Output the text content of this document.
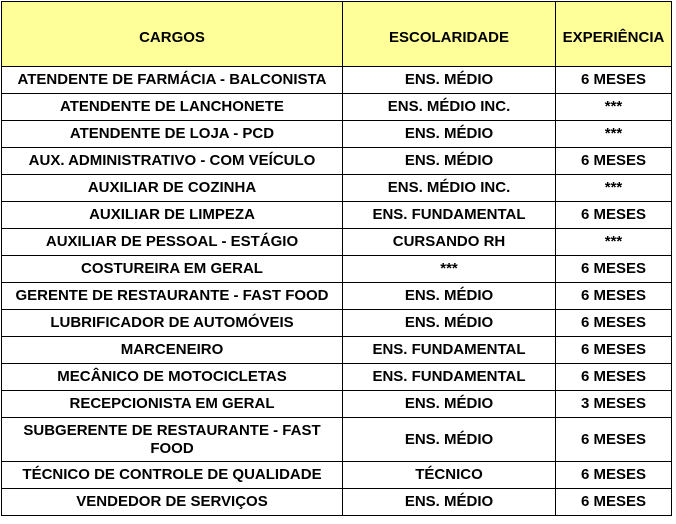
CARGOS	ESCOLARIDADE	EXPERIÊNCIA
ATENDENTE DE FARMÁCIA - BALCONISTA	ENS. MÉDIO	6 MESES
ATENDENTE DE LANCHONETE	ENS. MÉDIO INC.	***
ATENDENTE DE LOJA - PCD	ENS. MÉDIO	***
AUX. ADMINISTRATIVO - COM VEÍCULO	ENS. MÉDIO	6 MESES
AUXILIAR DE COZINHA	ENS. MÉDIO INC.	***
AUXILIAR DE LIMPEZA	ENS. FUNDAMENTAL	6 MESES
AUXILIAR DE PESSOAL - ESTÁGIO	CURSANDO RH	***
COSTUREIRA EM GERAL	***	6 MESES
GERENTE DE RESTAURANTE - FAST FOOD	ENS. MÉDIO	6 MESES
LUBRIFICADOR DE AUTOMÓVEIS	ENS. MÉDIO	6 MESES
MARCENEIRO	ENS. FUNDAMENTAL	6 MESES
MECÂNICO DE MOTOCICLETAS	ENS. FUNDAMENTAL	6 MESES
RECEPCIONISTA EM GERAL	ENS. MÉDIO	3 MESES
SUBGERENTE DE RESTAURANTE - FAST FOOD	ENS. MÉDIO	6 MESES
TÉCNICO DE CONTROLE DE QUALIDADE	TÉCNICO	6 MESES
VENDEDOR DE SERVIÇOS	ENS. MÉDIO	6 MESES
